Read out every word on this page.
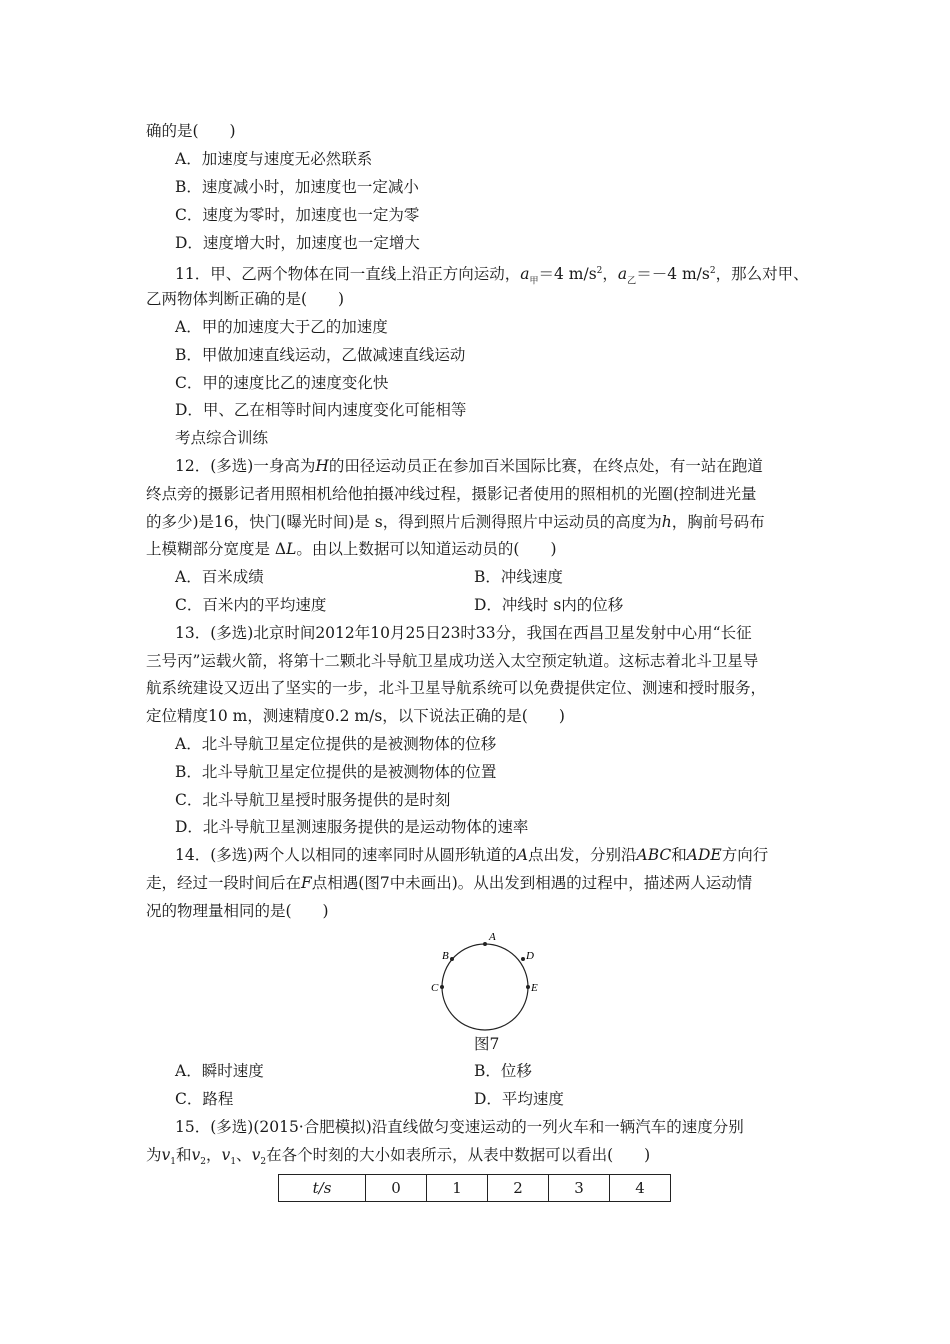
确的是(　　)
A．加速度与速度无必然联系
B．速度减小时，加速度也一定减小
C．速度为零时，加速度也一定为零
D．速度增大时，加速度也一定增大
11．甲、乙两个物体在同一直线上沿正方向运动，$a_甲=4$ $m/s^2$，$a_乙=-4$ $m/s^2$，那么对甲、
乙两物体判断正确的是(　　)
A．甲的加速度大于乙的加速度
B．甲做加速直线运动，乙做减速直线运动
C．甲的速度比乙的速度变化快
D．甲、乙在相等时间内速度变化可能相等
考点综合训练
12．(多选)一身高为H的田径运动员正在参加百米国际比赛，在终点处，有一站在跑道
终点旁的摄影记者用照相机给他拍摄冲线过程，摄影记者使用的照相机的光圈(控制进光量
的多少)是16，快门(曝光时间)是 s，得到照片后测得照片中运动员的高度为h，胸前号码布
上模糊部分宽度是 ΔL。由以上数据可以知道运动员的(　　)
A．百米成绩	B．冲线速度
C．百米内的平均速度	D．冲线时 s内的位移
13．(多选)北京时间2012年10月25日23时33分，我国在西昌卫星发射中心用“长征
三号丙”运载火箭，将第十二颗北斗导航卫星成功送入太空预定轨道。这标志着北斗卫星导
航系统建设又迈出了坚实的一步，北斗卫星导航系统可以免费提供定位、测速和授时服务，
定位精度10 m，测速精度0.2 m/s，以下说法正确的是(　　)
A．北斗导航卫星定位提供的是被测物体的位移
B．北斗导航卫星定位提供的是被测物体的位置
C．北斗导航卫星授时服务提供的是时刻
D．北斗导航卫星测速服务提供的是运动物体的速率
14．(多选)两个人以相同的速率同时从圆形轨道的A点出发，分别沿ABC和ADE方向行
走，经过一段时间后在F点相遇(图7中未画出)。从出发到相遇的过程中，描述两人运动情
况的物理量相同的是(　　)
A
B
C
D
E
图7
A．瞬时速度	B．位移
C．路程	D．平均速度
15．(多选)(2015·合肥模拟)沿直线做匀变速运动的一列火车和一辆汽车的速度分别
为$v_1$和$v_2$，$v_1$、$v_2$在各个时刻的大小如表所示，从表中数据可以看出(　　)
t/s	0	1	2	3	4
